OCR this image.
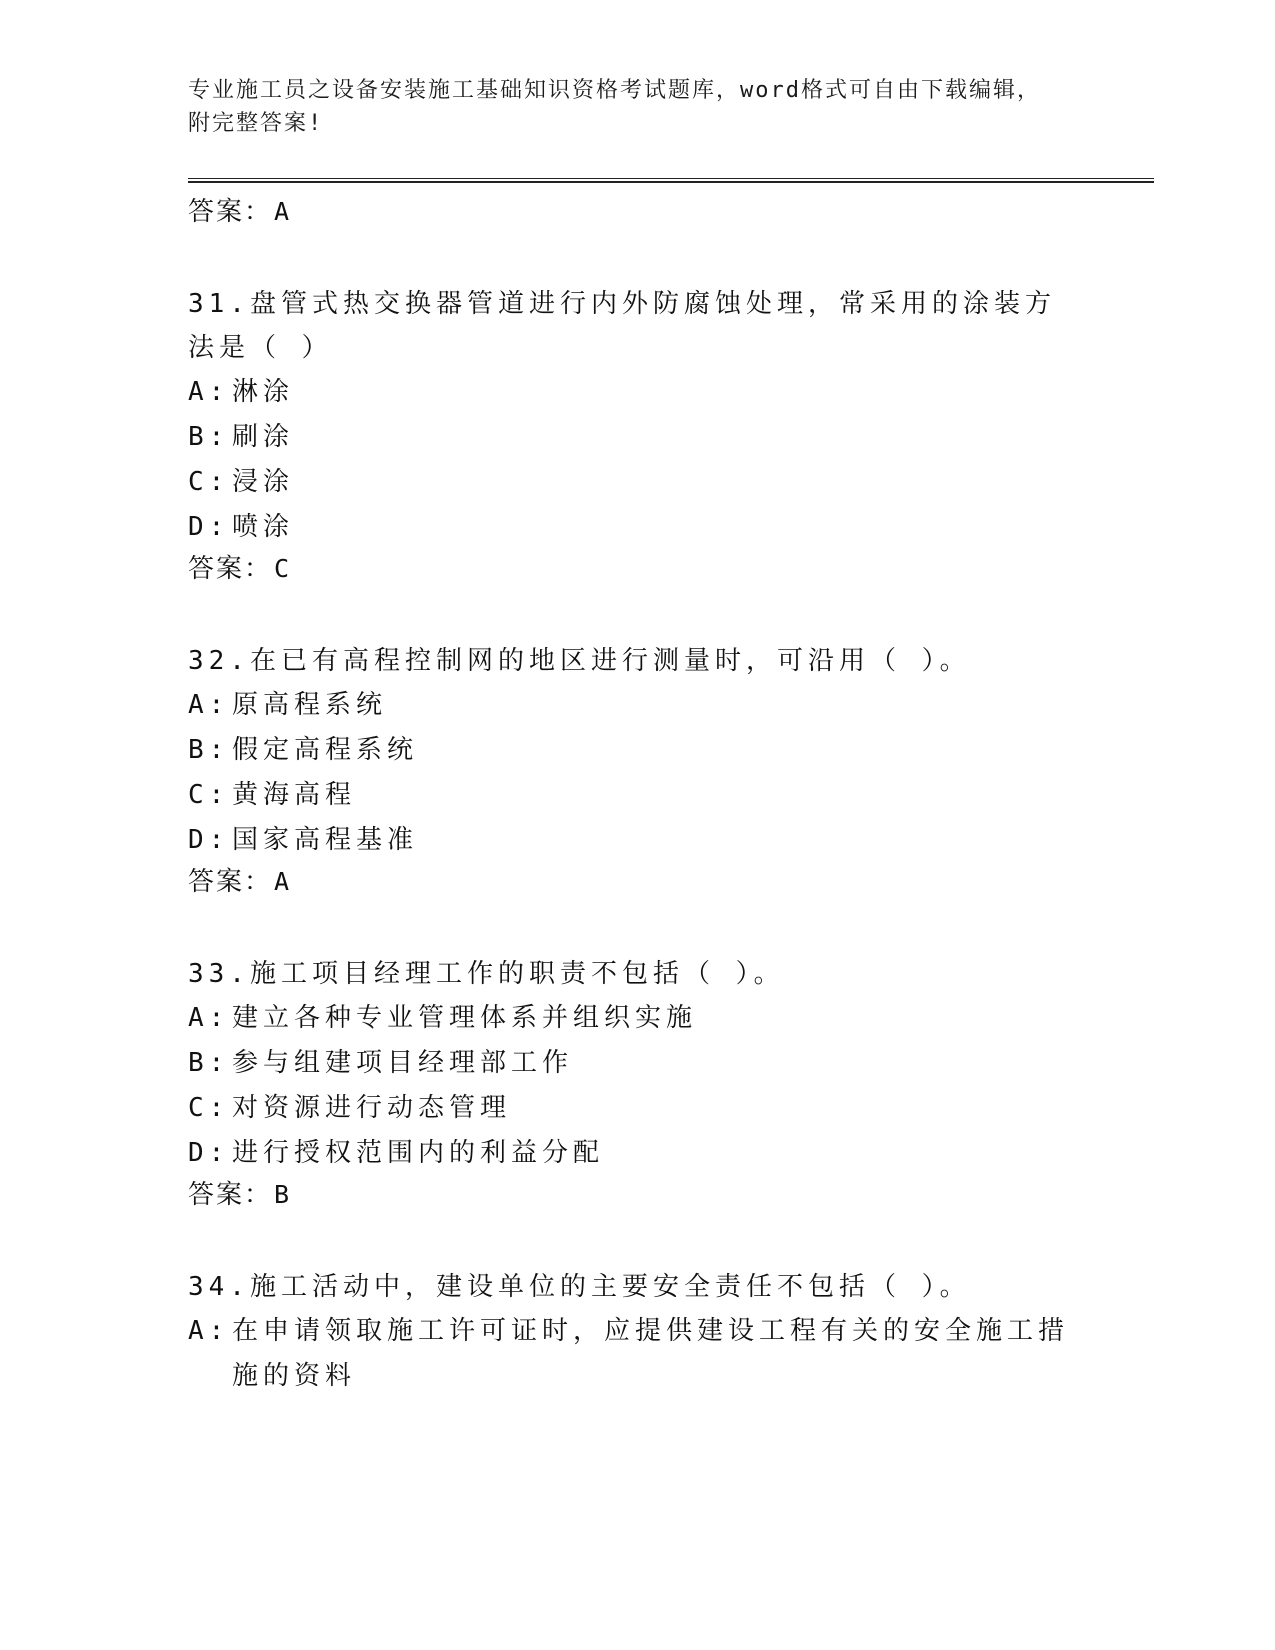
专业施工员之设备安装施工基础知识资格考试题库，word格式可自由下载编辑，
附完整答案!
答案：A
31.盘管式热交换器管道进行内外防腐蚀处理，常采用的涂装方法是（ ）
A: 淋涂
B: 刷涂
C: 浸涂
D: 喷涂
答案：C
32.在已有高程控制网的地区进行测量时，可沿用（ ）。
A: 原高程系统
B: 假定高程系统
C: 黄海高程
D: 国家高程基准
答案：A
33.施工项目经理工作的职责不包括（ ）。
A: 建立各种专业管理体系并组织实施
B: 参与组建项目经理部工作
C: 对资源进行动态管理
D: 进行授权范围内的利益分配
答案：B
34.施工活动中，建设单位的主要安全责任不包括（ ）。
A: 在申请领取施工许可证时，应提供建设工程有关的安全施工措施的资料
